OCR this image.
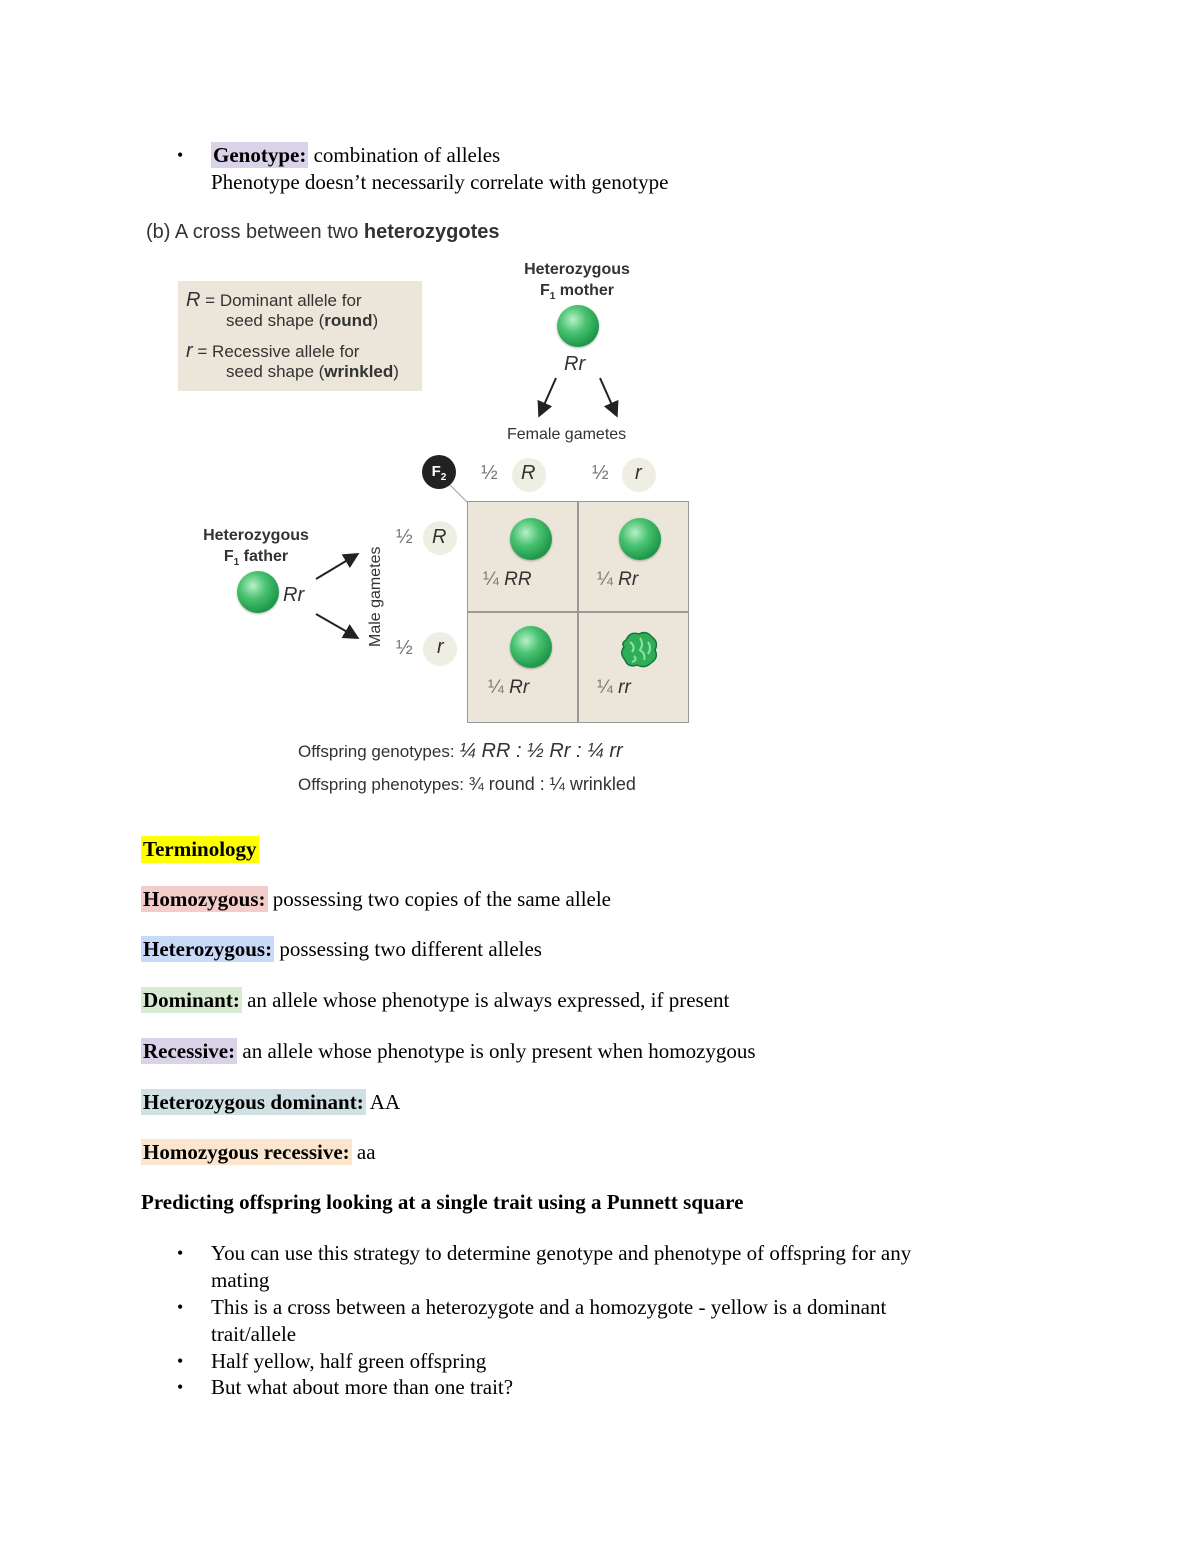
• Genotype: combination of alleles
Phenotype doesn’t necessarily correlate with genotype
(b) A cross between two heterozygotes
R = Dominant allele for
seed shape (round)
r = Recessive allele for
seed shape (wrinkled)
Heterozygous
$F_1$ mother
Rr
Female gametes
$F_2$	½ R	½ r
Heterozygous
$F_1$ father
Rr	Male gametes
½ R
½ r
¼ RR	¼ Rr
¼ Rr	¼ rr
Offspring genotypes: ¼ RR : ½ Rr : ¼ rr
Offspring phenotypes: ¾ round : ¼ wrinkled
Terminology
Homozygous: possessing two copies of the same allele
Heterozygous: possessing two different alleles
Dominant: an allele whose phenotype is always expressed, if present
Recessive: an allele whose phenotype is only present when homozygous
Heterozygous dominant: AA
Homozygous recessive: aa
Predicting offspring looking at a single trait using a Punnett square
• You can use this strategy to determine genotype and phenotype of offspring for any
mating
• This is a cross between a heterozygote and a homozygote - yellow is a dominant
trait/allele
• Half yellow, half green offspring
• But what about more than one trait?
